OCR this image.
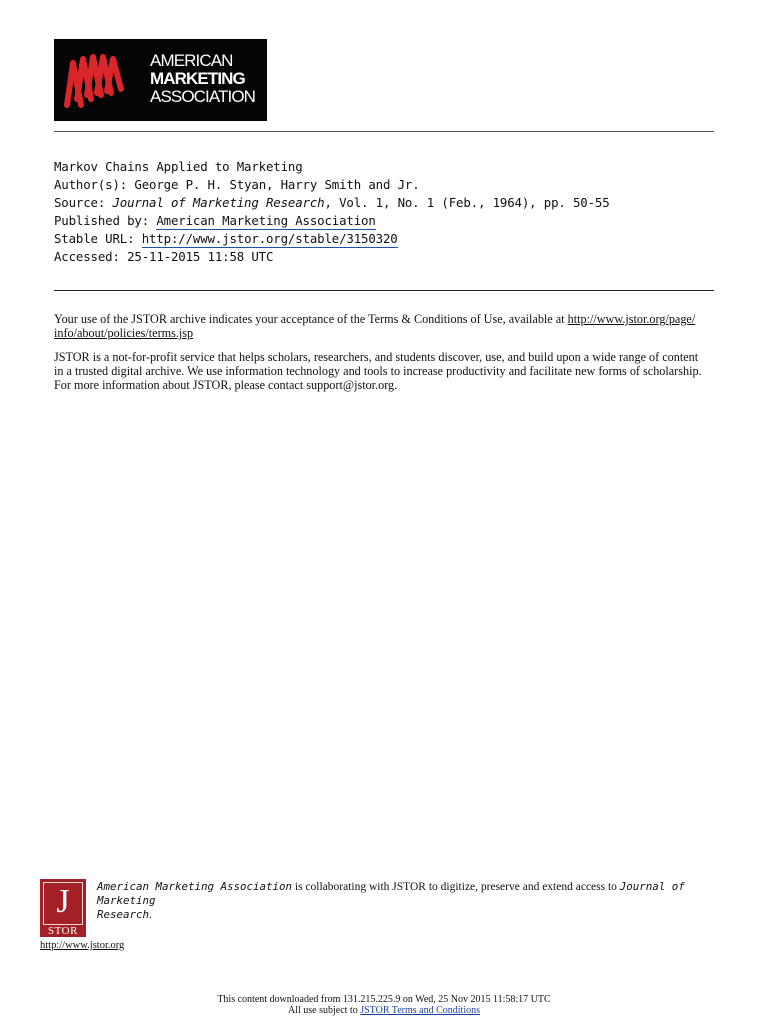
AMERICAN
MARKETING
ASSOCIATION
Markov Chains Applied to Marketing
Author(s): George P. H. Styan, Harry Smith and Jr.
Source: Journal of Marketing Research, Vol. 1, No. 1 (Feb., 1964), pp. 50-55
Published by: American Marketing Association
Stable URL: http://www.jstor.org/stable/3150320
Accessed: 25-11-2015 11:58 UTC

Your use of the JSTOR archive indicates your acceptance of the Terms & Conditions of Use, available at http://www.jstor.org/page/
info/about/policies/terms.jsp

JSTOR is a not-for-profit service that helps scholars, researchers, and students discover, use, and build upon a wide range of content
in a trusted digital archive. We use information technology and tools to increase productivity and facilitate new forms of scholarship.
For more information about JSTOR, please contact support@jstor.org.

J
STOR
http://www.jstor.org
American Marketing Association is collaborating with JSTOR to digitize, preserve and extend access to Journal of Marketing
Research.
This content downloaded from 131.215.225.9 on Wed, 25 Nov 2015 11:58:17 UTC
All use subject to JSTOR Terms and Conditions
